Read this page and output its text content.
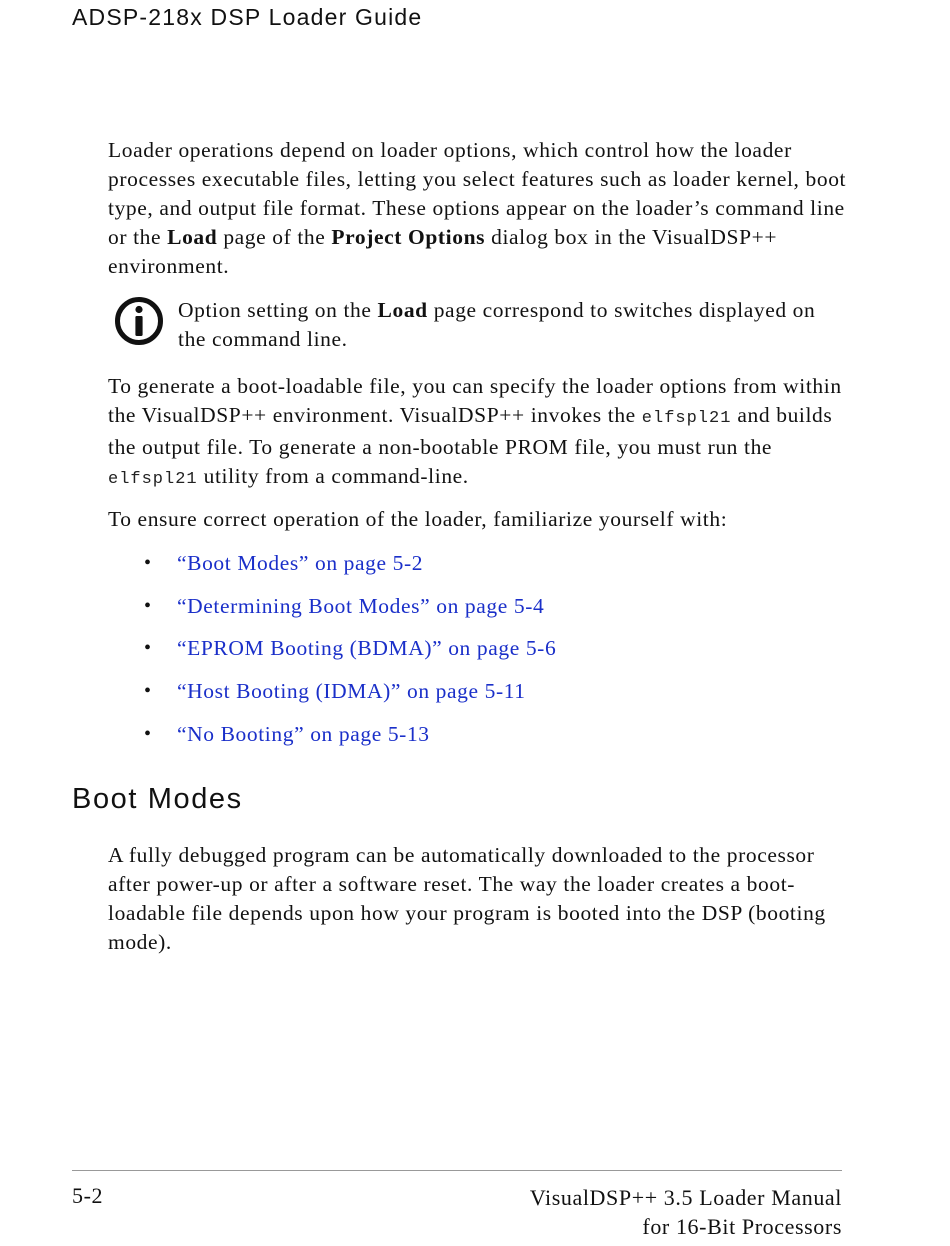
ADSP-218x DSP Loader Guide

Loader operations depend on loader options, which control how the loader processes executable files, letting you select features such as loader kernel, boot type, and output file format. These options appear on the loader’s command line or the Load page of the Project Options dialog box in the VisualDSP++ environment.

Option setting on the Load page correspond to switches displayed on the command line.

To generate a boot-loadable file, you can specify the loader options from within the VisualDSP++ environment. VisualDSP++ invokes the elfspl21 and builds the output file. To generate a non-bootable PROM file, you must run the elfspl21 utility from a command-line.

To ensure correct operation of the loader, familiarize yourself with:

•	“Boot Modes” on page 5-2
•	“Determining Boot Modes” on page 5-4
•	“EPROM Booting (BDMA)” on page 5-6
•	“Host Booting (IDMA)” on page 5-11
•	“No Booting” on page 5-13
Boot Modes

A fully debugged program can be automatically downloaded to the processor after power-up or after a software reset. The way the loader creates a boot-loadable file depends upon how your program is booted into the DSP (booting mode).

5-2	VisualDSP++ 3.5 Loader Manual
for 16-Bit Processors
